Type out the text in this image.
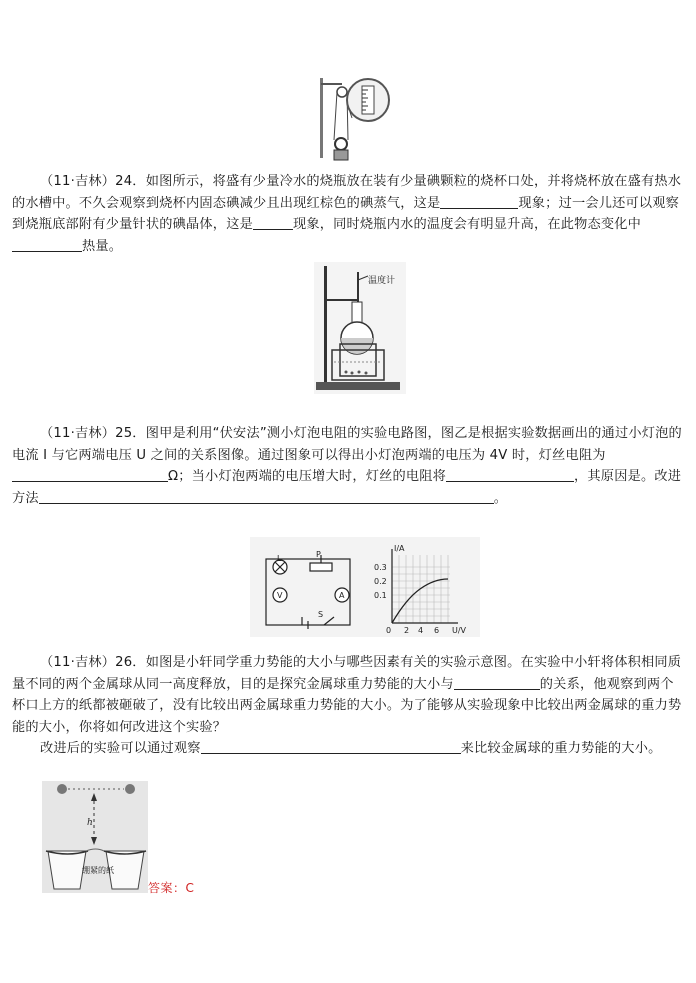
（11·吉林）24．如图所示，将盛有少量冷水的烧瓶放在装有少量碘颗粒的烧杯口处，并将烧杯放在盛有热水的水槽中。不久会观察到烧杯内固态碘减少且出现红棕色的碘蒸气，这是	现象；过一会儿还可以观察到烧瓶底部附有少量针状的碘晶体，这是	现象，同时烧瓶内水的温度会有明显升高，在此物态变化中热量。
温度计
（11·吉林）25．图甲是利用“伏安法”测小灯泡电阻的实验电路图，图乙是根据实验数据画出的通过小灯泡的电流 I 与它两端电压 U 之间的关系图像。通过图象可以得出小灯泡两端的电压为 4V 时，灯丝电阻为Ω；当小灯泡两端的电压增大时，灯丝的电阻将	，其原因是。改进方法	。
L	P
V	A
S
I/A
U/V
0.3
0.2
0.1
0 2 4 6
（11·吉林）26．如图是小轩同学重力势能的大小与哪些因素有关的实验示意图。在实验中小轩将体积相同质量不同的两个金属球从同一高度释放，目的是探究金属球重力势能的大小与	的关系，他观察到两个杯口上方的纸都被砸破了，没有比较出两金属球重力势能的大小。为了能够从实验现象中比较出两金属球的重力势能的大小，你将如何改进这个实验？
改进后的实验可以通过观察	来比较金属球的重力势能的大小。
h
绷紧的纸
答案：C
